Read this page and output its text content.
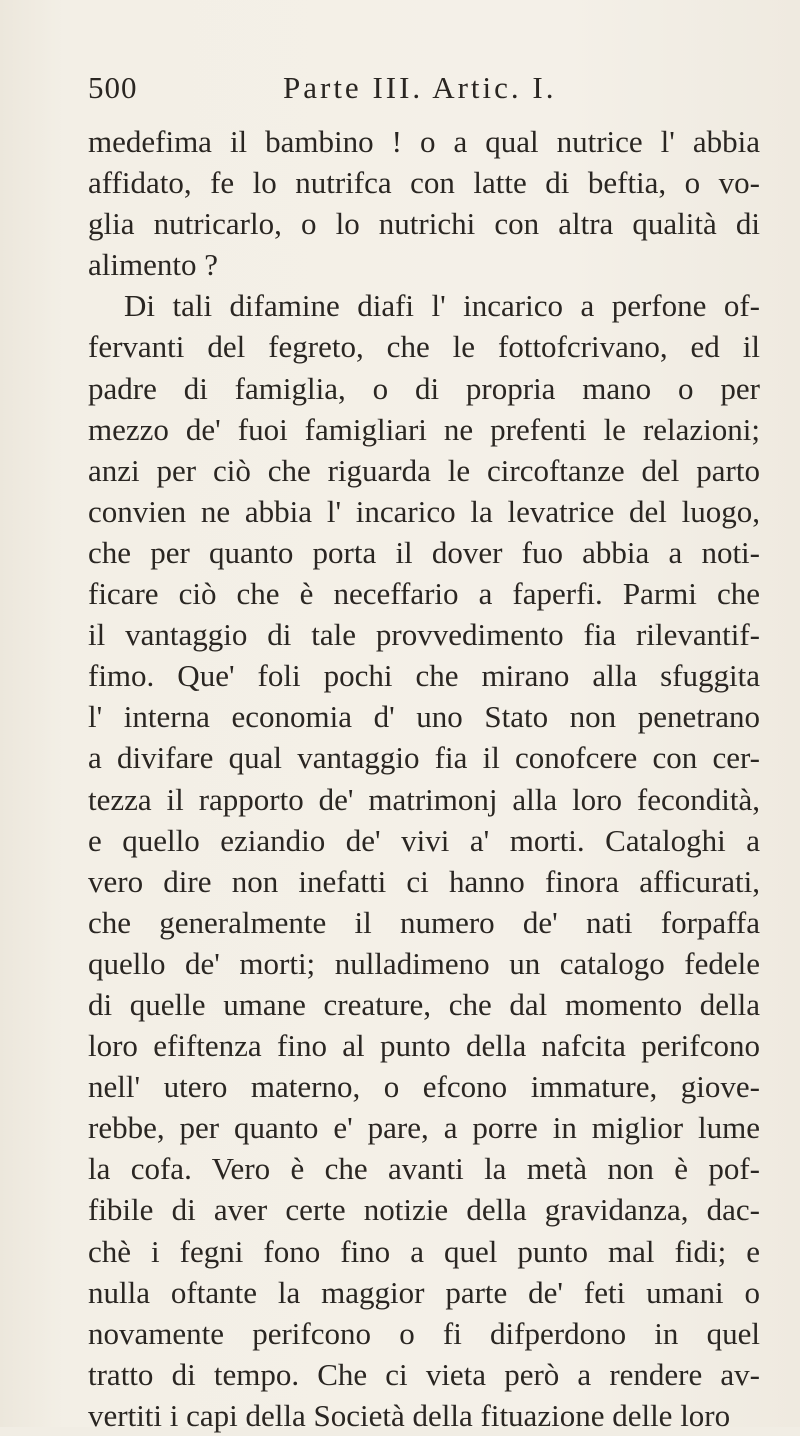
500	Parte III. Artic. I.
medefima il bambino ! o a qual nutrice l' abbia
affidato, fe lo nutrifca con latte di beftia, o vo-
glia nutricarlo, o lo nutrichi con altra qualità di
alimento ?
Di tali difamine diafi l' incarico a perfone of-
fervanti del fegreto, che le fottofcrivano, ed il
padre di famiglia, o di propria mano o per
mezzo de' fuoi famigliari ne prefenti le relazioni;
anzi per ciò che riguarda le circoftanze del parto
convien ne abbia l' incarico la levatrice del luogo,
che per quanto porta il dover fuo abbia a noti-
ficare ciò che è neceffario a faperfi. Parmi che
il vantaggio di tale provvedimento fia rilevantif-
fimo. Que' foli pochi che mirano alla sfuggita
l' interna economia d' uno Stato non penetrano
a divifare qual vantaggio fia il conofcere con cer-
tezza il rapporto de' matrimonj alla loro fecondità,
e quello eziandio de' vivi a' morti. Cataloghi a
vero dire non inefatti ci hanno finora afficurati,
che generalmente il numero de' nati forpaffa
quello de' morti; nulladimeno un catalogo fedele
di quelle umane creature, che dal momento della
loro efiftenza fino al punto della nafcita perifcono
nell' utero materno, o efcono immature, giove-
rebbe, per quanto e' pare, a porre in miglior lume
la cofa. Vero è che avanti la metà non è pof-
fibile di aver certe notizie della gravidanza, dac-
chè i fegni fono fino a quel punto mal fidi; e
nulla oftante la maggior parte de' feti umani o
novamente perifcono o fi difperdono in quel
tratto di tempo. Che ci vieta però a rendere av-
vertiti i capi della Società della fituazione delle loro
